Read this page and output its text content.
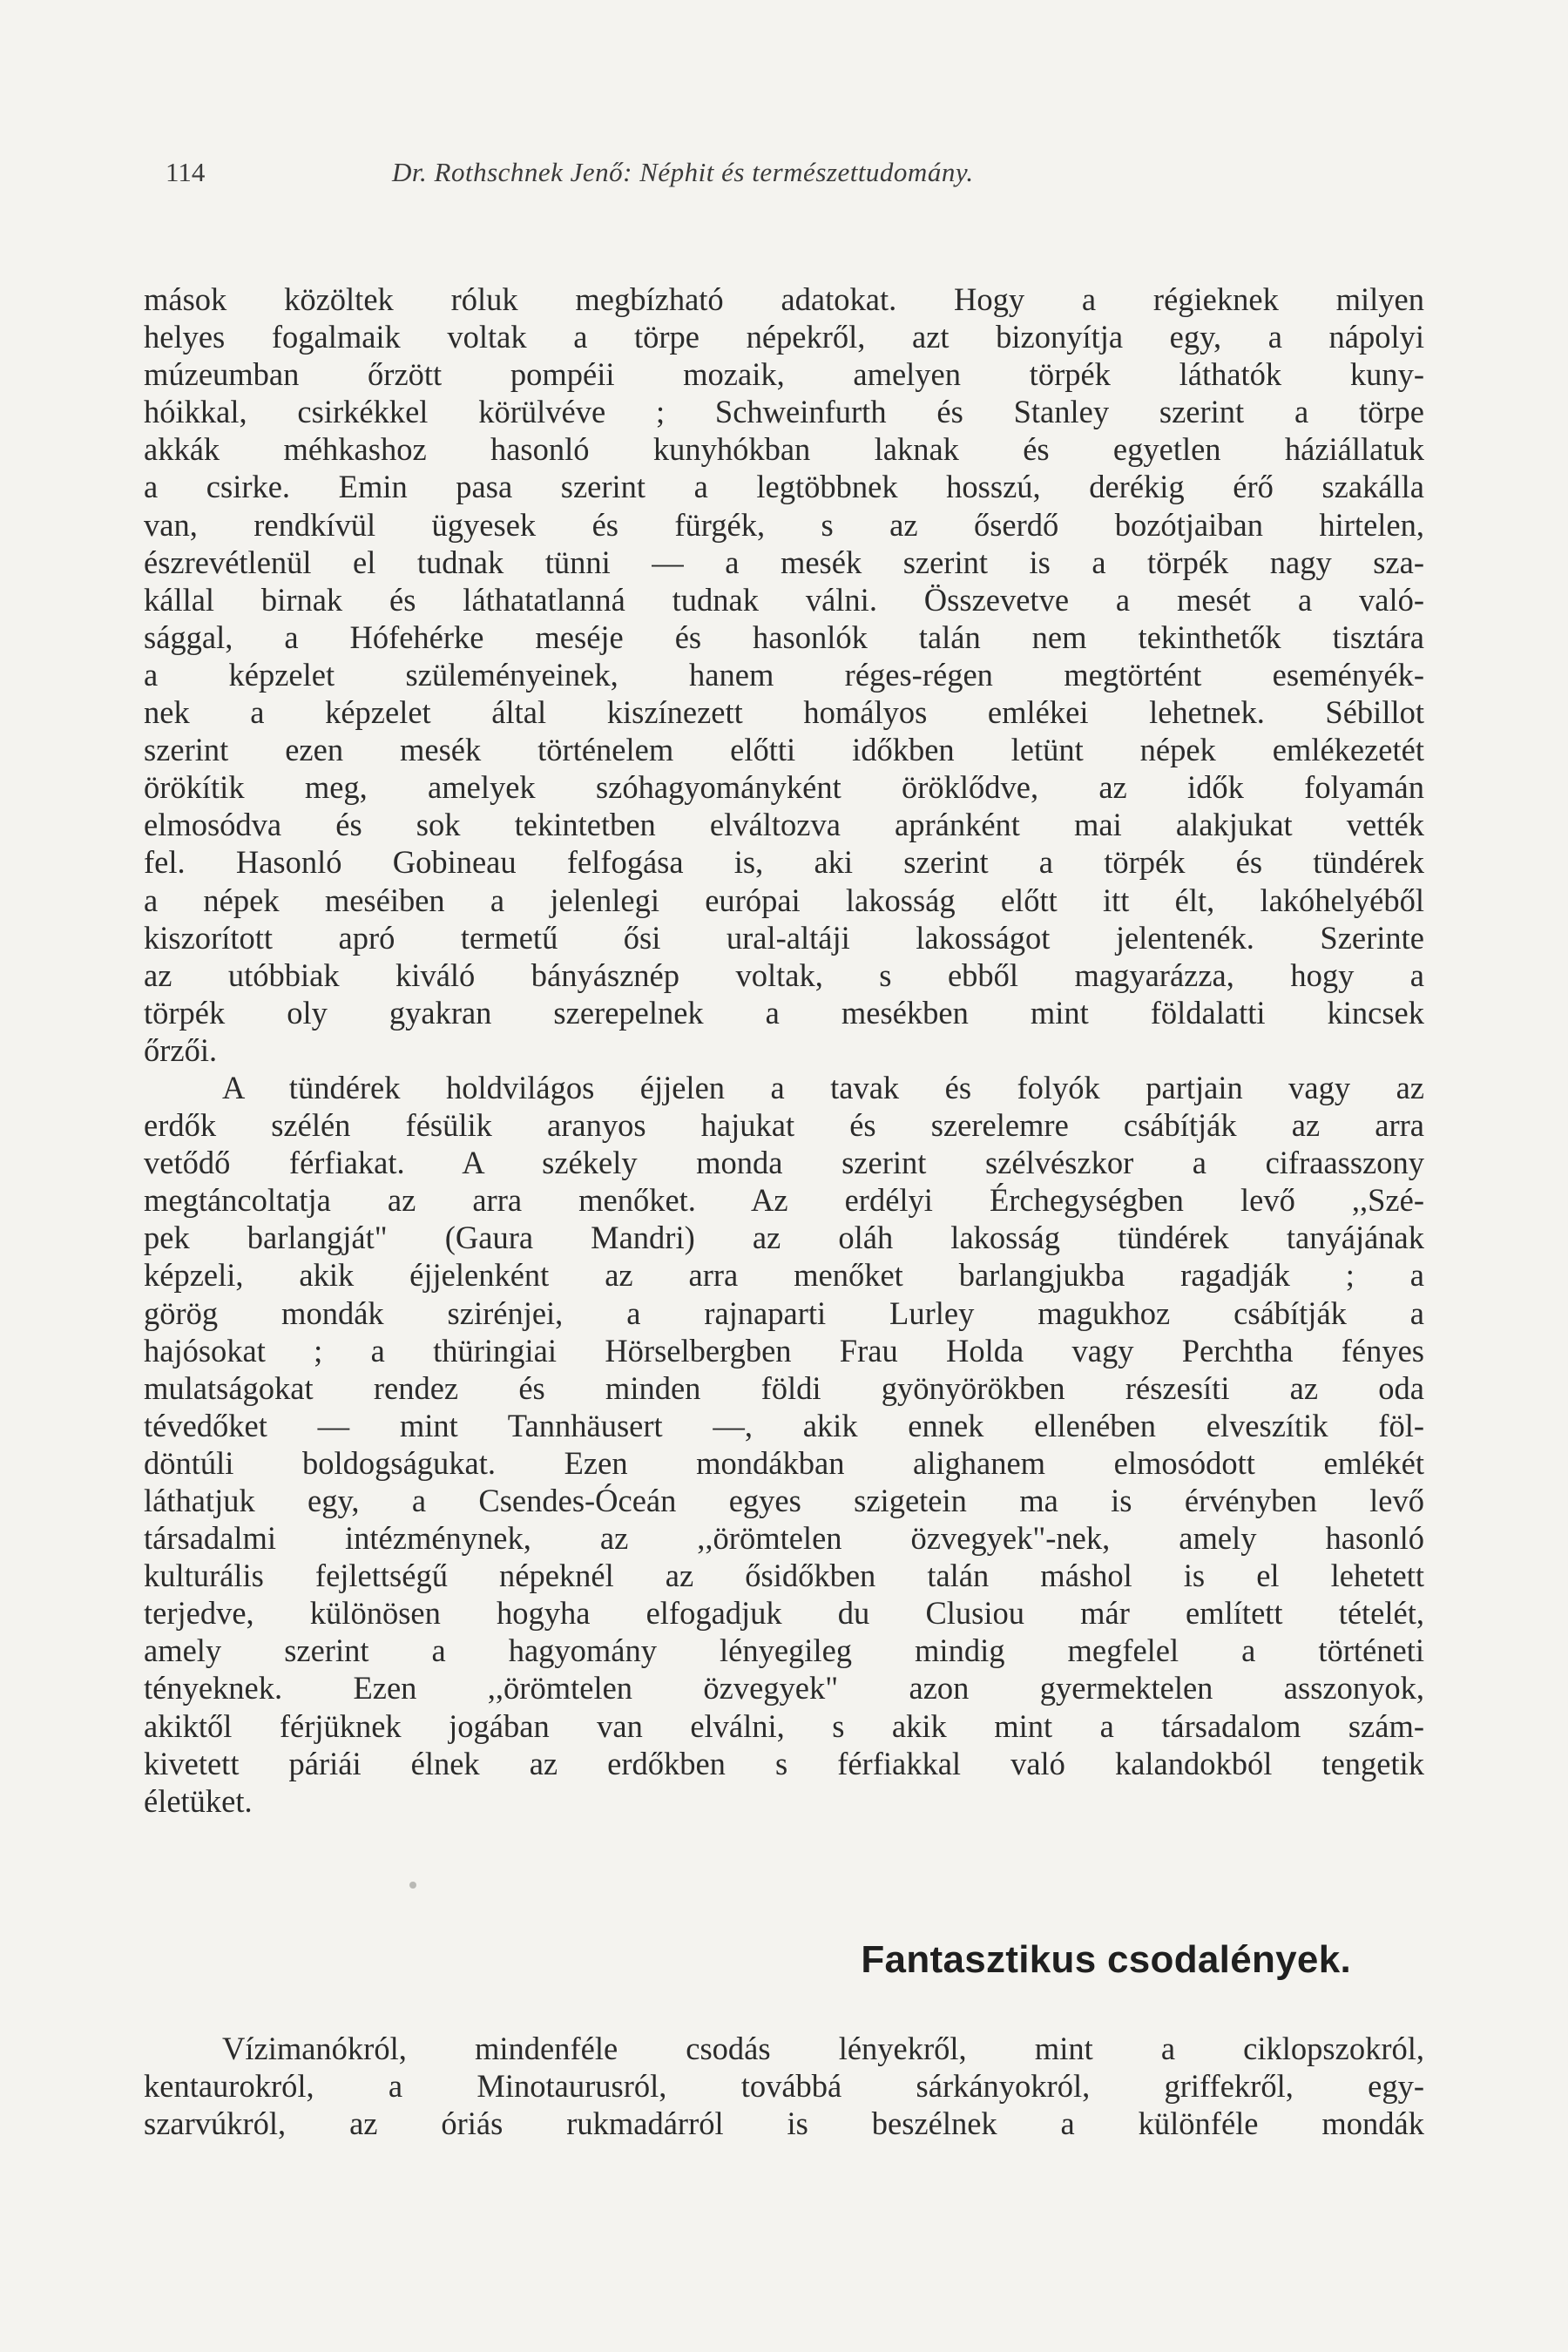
114	Dr. Rothschnek Jenő: Néphit és természettudomány.
mások közöltek róluk megbízható adatokat. Hogy a régieknek milyen
helyes fogalmaik voltak a törpe népekről, azt bizonyítja egy, a nápolyi
múzeumban őrzött pompéii mozaik, amelyen törpék láthatók kuny-
hóikkal, csirkékkel körülvéve ; Schweinfurth és Stanley szerint a törpe
akkák méhkashoz hasonló kunyhókban laknak és egyetlen háziállatuk
a csirke. Emin pasa szerint a legtöbbnek hosszú, derékig érő szakálla
van, rendkívül ügyesek és fürgék, s az őserdő bozótjaiban hirtelen,
észrevétlenül el tudnak tünni — a mesék szerint is a törpék nagy sza-
kállal birnak és láthatatlanná tudnak válni. Összevetve a mesét a való-
sággal, a Hófehérke meséje és hasonlók talán nem tekinthetők tisztára
a képzelet szüleményeinek, hanem réges-régen megtörtént eseményék-
nek a képzelet által kiszínezett homályos emlékei lehetnek. Sébillot
szerint ezen mesék történelem előtti időkben letünt népek emlékezetét
örökítik meg, amelyek szóhagyományként öröklődve, az idők folyamán
elmosódva és sok tekintetben elváltozva apránként mai alakjukat vették
fel. Hasonló Gobineau felfogása is, aki szerint a törpék és tündérek
a népek meséiben a jelenlegi európai lakosság előtt itt élt, lakóhelyéből
kiszorított apró termetű ősi ural-altáji lakosságot jelentenék. Szerinte
az utóbbiak kiváló bányásznép voltak, s ebből magyarázza, hogy a
törpék oly gyakran szerepelnek a mesékben mint földalatti kincsek
őrzői.
A tündérek holdvilágos éjjelen a tavak és folyók partjain vagy az
erdők szélén fésülik aranyos hajukat és szerelemre csábítják az arra
vetődő férfiakat. A székely monda szerint szélvészkor a cifraasszony
megtáncoltatja az arra menőket. Az erdélyi Érchegységben levő ,,Szé-
pek barlangját" (Gaura Mandri) az oláh lakosság tündérek tanyájának
képzeli, akik éjjelenként az arra menőket barlangjukba ragadják ; a
görög mondák szirénjei, a rajnaparti Lurley magukhoz csábítják a
hajósokat ; a thüringiai Hörselbergben Frau Holda vagy Perchtha fényes
mulatságokat rendez és minden földi gyönyörökben részesíti az oda
tévedőket — mint Tannhäusert —, akik ennek ellenében elveszítik föl-
döntúli boldogságukat. Ezen mondákban alighanem elmosódott emlékét
láthatjuk egy, a Csendes-Óceán egyes szigetein ma is érvényben levő
társadalmi intézménynek, az ,,örömtelen özvegyek"-nek, amely hasonló
kulturális fejlettségű népeknél az ősidőkben talán máshol is el lehetett
terjedve, különösen hogyha elfogadjuk du Clusiou már említett tételét,
amely szerint a hagyomány lényegileg mindig megfelel a történeti
tényeknek. Ezen ,,örömtelen özvegyek" azon gyermektelen asszonyok,
akiktől férjüknek jogában van elválni, s akik mint a társadalom szám-
kivetett páriái élnek az erdőkben s férfiakkal való kalandokból tengetik
életüket.
Fantasztikus csodalények.
Vízimanókról, mindenféle csodás lényekről, mint a ciklopszokról,
kentaurokról, a Minotaurusról, továbbá sárkányokról, griffekről, egy-
szarvúkról, az óriás rukmadárról is beszélnek a különféle mondák
